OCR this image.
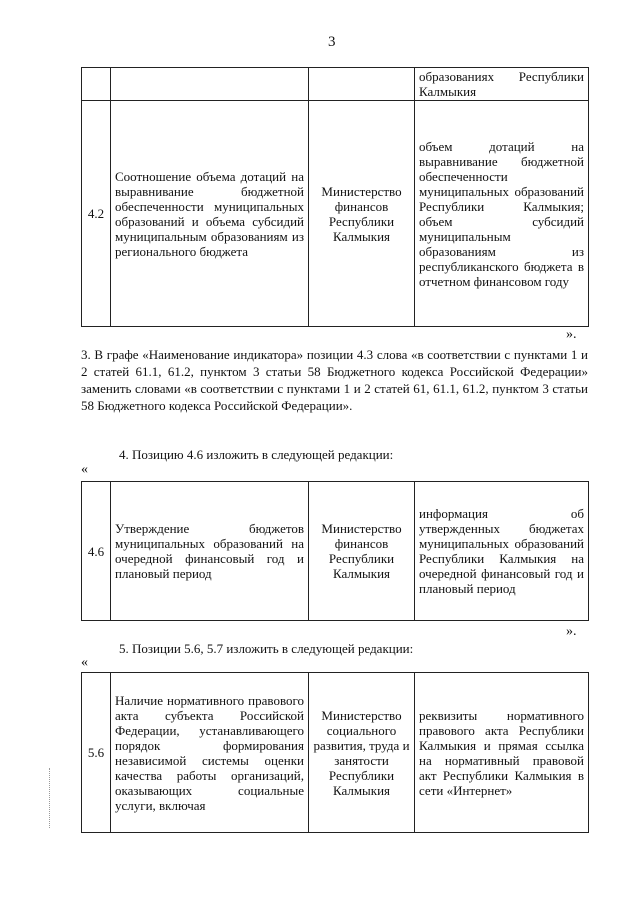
3
			образованиях Республики Калмыкия
4.2	Соотношение объема дотаций на выравнивание бюджетной обеспеченности муниципальных образований и объема субсидий муниципальным образованиям из регионального бюджета	Министерство финансов Республики Калмыкия	объем дотаций на выравнивание бюджетной обеспеченности муниципальных образований Республики Калмыкия; объем субсидий муниципальным образованиям из республиканского бюджета в отчетном финансовом году
».
3. В графе «Наименование индикатора» позиции 4.3 слова «в соответствии с пунктами 1 и 2 статей 61.1, 61.2, пунктом 3 статьи 58 Бюджетного кодекса Российской Федерации» заменить словами «в соответствии с пунктами 1 и 2 статей 61, 61.1, 61.2, пунктом 3 статьи 58 Бюджетного кодекса Российской Федерации».
4. Позицию 4.6 изложить в следующей редакции:
«
4.6	Утверждение бюджетов муниципальных образований на очередной финансовый год и плановый период	Министерство финансов Республики Калмыкия	информация об утвержденных бюджетах муниципальных образований Республики Калмыкия на очередной финансовый год и плановый период
».
5. Позиции 5.6, 5.7 изложить в следующей редакции:
«
5.6	Наличие нормативного правового акта субъекта Российской Федерации, устанавливающего порядок формирования независимой системы оценки качества работы организаций, оказывающих социальные услуги, включая	Министерство социального развития, труда и занятости Республики Калмыкия	реквизиты нормативного правового акта Республики Калмыкия и прямая ссылка на нормативный правовой акт Республики Калмыкия в сети «Интернет»
